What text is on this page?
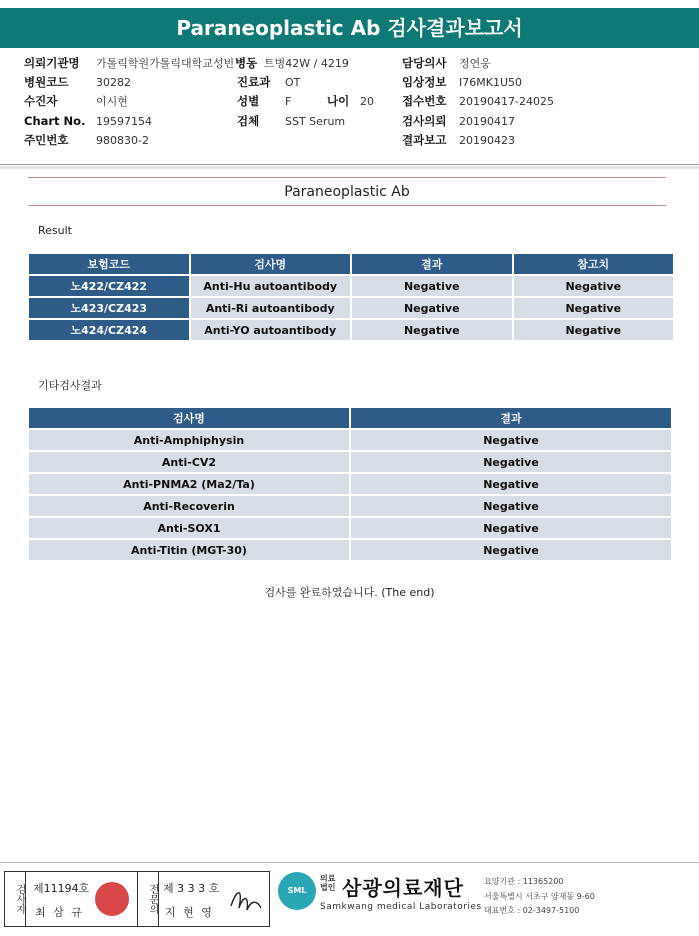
Paraneoplastic Ab 검사결과보고서
의뢰기관명 가톨릭학원가톨릭대학교성빈 병동 트병42W / 4219	담당의사 정연웅
병원코드	30282	진료과 OT	임상정보 I76MK1U50
수진자	이시현	성별 F	나이 20 접수번호 20190417-24025
Chart No. 19597154	검체 SST Serum	검사의뢰 20190417
주민번호	980830-2	결과보고 20190423
Paraneoplastic Ab
Result
보험코드	검사명	결과	참고치
노422/CZ422	Anti-Hu autoantibody	Negative	Negative
노423/CZ423	Anti-Ri autoantibody	Negative	Negative
노424/CZ424	Anti-YO autoantibody	Negative	Negative
기타검사결과
검사명	결과
Anti-Amphiphysin	Negative
Anti-CV2	Negative
Anti-PNMA2 (Ma2/Ta)	Negative
Anti-Recoverin	Negative
Anti-SOX1	Negative
Anti-Titin (MGT-30)	Negative
검사를 완료하였습니다. (The end)
검사자 제11194호
최 삼 규	전문의 제 3 3 3 호
지 현 영
SML
의료법인 삼광의료재단
Samkwang medical Laboratories
요양기관 : 11365200
서울특별시 서초구 양재동 9-60
대표번호 : 02-3497-5100
